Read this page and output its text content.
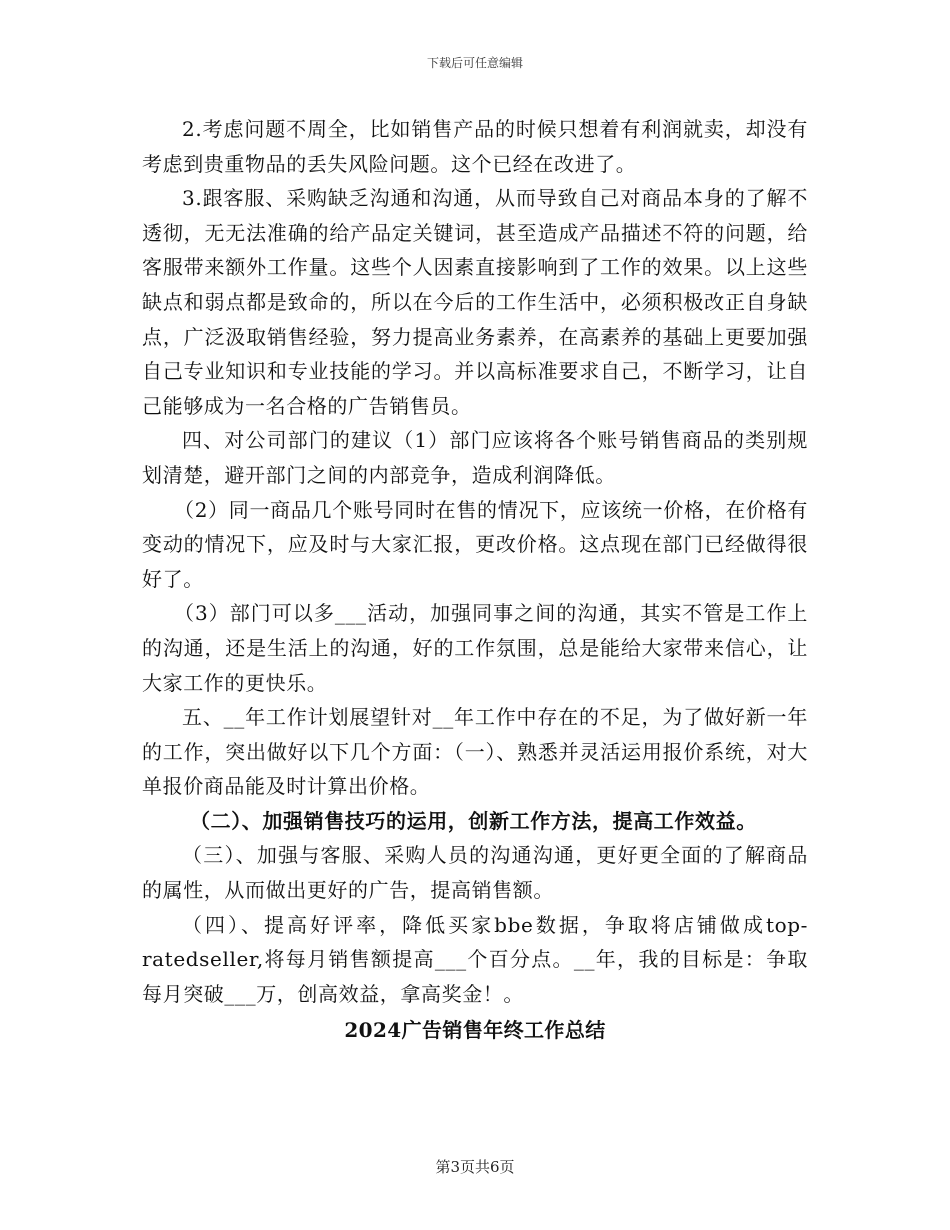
下载后可任意编辑

2.考虑问题不周全，比如销售产品的时候只想着有利润就卖，却没有考虑到贵重物品的丢失风险问题。这个已经在改进了。

3.跟客服、采购缺乏沟通和沟通，从而导致自己对商品本身的了解不透彻，无无法准确的给产品定关键词，甚至造成产品描述不符的问题，给客服带来额外工作量。这些个人因素直接影响到了工作的效果。以上这些缺点和弱点都是致命的，所以在今后的工作生活中，必须积极改正自身缺点，广泛汲取销售经验，努力提高业务素养，在高素养的基础上更要加强自己专业知识和专业技能的学习。并以高标准要求自己，不断学习，让自己能够成为一名合格的广告销售员。

四、对公司部门的建议（1）部门应该将各个账号销售商品的类别规划清楚，避开部门之间的内部竞争，造成利润降低。

（2）同一商品几个账号同时在售的情况下，应该统一价格，在价格有变动的情况下，应及时与大家汇报，更改价格。这点现在部门已经做得很好了。

（3）部门可以多___活动，加强同事之间的沟通，其实不管是工作上的沟通，还是生活上的沟通，好的工作氛围，总是能给大家带来信心，让大家工作的更快乐。

五、__年工作计划展望针对__年工作中存在的不足，为了做好新一年的工作，突出做好以下几个方面：（一）、熟悉并灵活运用报价系统，对大单报价商品能及时计算出价格。

（二）、加强销售技巧的运用，创新工作方法，提高工作效益。

（三）、加强与客服、采购人员的沟通沟通，更好更全面的了解商品的属性，从而做出更好的广告，提高销售额。

（四）、提高好评率，降低买家bbe数据，争取将店铺做成top-ratedseller,将每月销售额提高___个百分点。__年，我的目标是：争取每月突破___万，创高效益，拿高奖金！。

2024广告销售年终工作总结
第3页共6页
